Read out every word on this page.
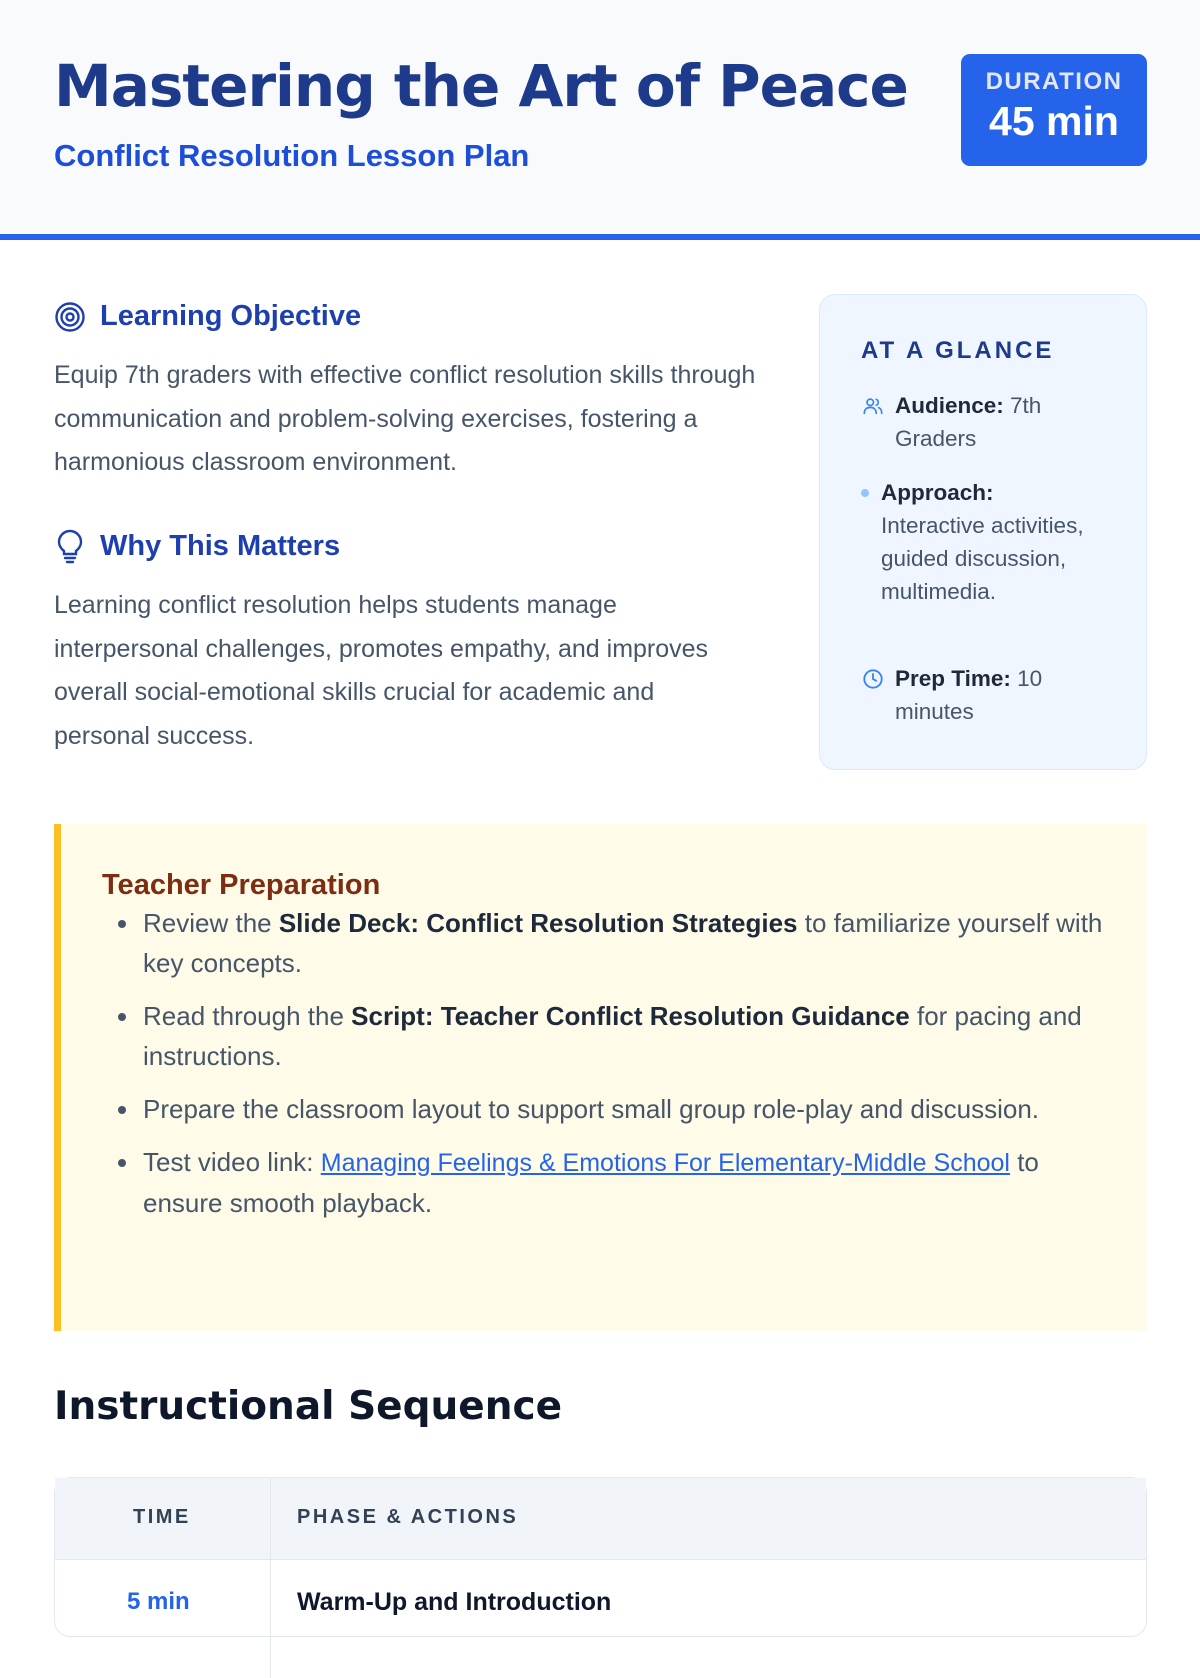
Mastering the Art of Peace
Conflict Resolution Lesson Plan
DURATION
45 min
Learning Objective

Equip 7th graders with effective conflict resolution skills through communication and problem-solving exercises, fostering a harmonious classroom environment.

Why This Matters

Learning conflict resolution helps students manage interpersonal challenges, promotes empathy, and improves overall social-emotional skills crucial for academic and personal success.

AT A GLANCE
Audience: 7th Graders
Approach: Interactive activities, guided discussion, multimedia.
Prep Time: 10 minutes
Teacher Preparation
• Review the Slide Deck: Conflict Resolution Strategies to familiarize yourself with key concepts.
• Read through the Script: Teacher Conflict Resolution Guidance for pacing and instructions.
• Prepare the classroom layout to support small group role-play and discussion.
• Test video link: Managing Feelings & Emotions For Elementary-Middle School to ensure smooth playback.
Instructional Sequence
TIME	PHASE & ACTIONS
5 min	Warm-Up and Introduction
